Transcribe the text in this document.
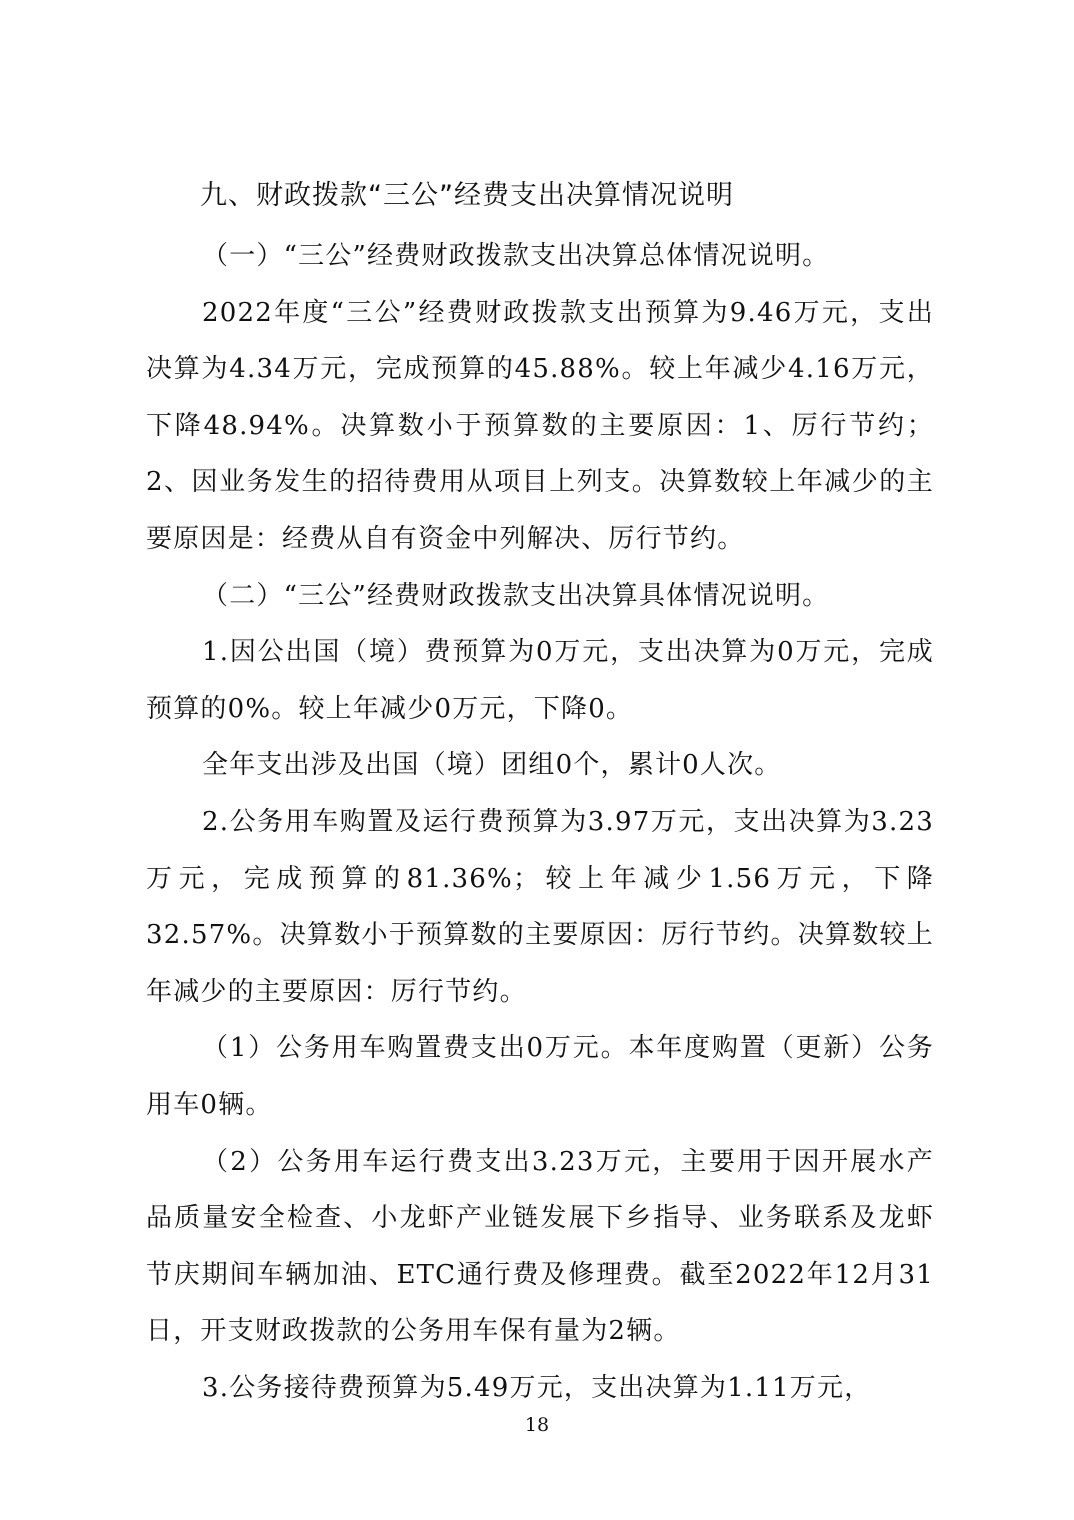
九、财政拨款“三公”经费支出决算情况说明

（一）“三公”经费财政拨款支出决算总体情况说明。

2022年度“三公”经费财政拨款支出预算为9.46万元，支出决算为4.34万元，完成预算的45.88%。较上年减少4.16万元，下降48.94%。决算数小于预算数的主要原因：1、厉行节约；2、因业务发生的招待费用从项目上列支。决算数较上年减少的主要原因是：经费从自有资金中列解决、厉行节约。

（二）“三公”经费财政拨款支出决算具体情况说明。

1.因公出国（境）费预算为0万元，支出决算为0万元，完成预算的0%。较上年减少0万元，下降0。

全年支出涉及出国（境）团组0个，累计0人次。

2.公务用车购置及运行费预算为3.97万元，支出决算为3.23万元，完成预算的81.36%；较上年减少1.56万元，下降32.57%。决算数小于预算数的主要原因：厉行节约。决算数较上年减少的主要原因：厉行节约。

（1）公务用车购置费支出0万元。本年度购置（更新）公务用车0辆。

（2）公务用车运行费支出3.23万元，主要用于因开展水产品质量安全检查、小龙虾产业链发展下乡指导、业务联系及龙虾节庆期间车辆加油、ETC通行费及修理费。截至2022年12月31日，开支财政拨款的公务用车保有量为2辆。

3.公务接待费预算为5.49万元，支出决算为1.11万元，

18
